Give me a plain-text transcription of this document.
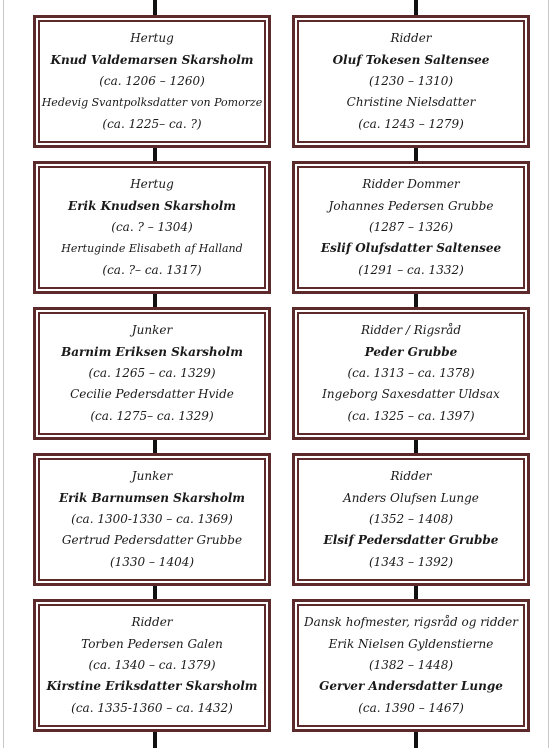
Hertug
Knud Valdemarsen Skarsholm
(ca. 1206 – 1260)
Hedevig Svantpolksdatter von Pomorze
(ca. 1225– ca. ?)
Hertug
Erik Knudsen Skarsholm
(ca. ? – 1304)
Hertuginde Elisabeth af Halland
(ca. ?– ca. 1317)
Junker
Barnim Eriksen Skarsholm
(ca. 1265 – ca. 1329)
Cecilie Pedersdatter Hvide
(ca. 1275– ca. 1329)
Junker
Erik Barnumsen Skarsholm
(ca. 1300-1330 – ca. 1369)
Gertrud Pedersdatter Grubbe
(1330 – 1404)
Ridder
Torben Pedersen Galen
(ca. 1340 – ca. 1379)
Kirstine Eriksdatter Skarsholm
(ca. 1335-1360 – ca. 1432)
Ridder
Oluf Tokesen Saltensee
(1230 – 1310)
Christine Nielsdatter
(ca. 1243 – 1279)
Ridder Dommer
Johannes Pedersen Grubbe
(1287 – 1326)
Eslif Olufsdatter Saltensee
(1291 – ca. 1332)
Ridder / Rigsråd
Peder Grubbe
(ca. 1313 – ca. 1378)
Ingeborg Saxesdatter Uldsax
(ca. 1325 – ca. 1397)
Ridder
Anders Olufsen Lunge
(1352 – 1408)
Elsif Pedersdatter Grubbe
(1343 – 1392)
Dansk hofmester, rigsråd og ridder
Erik Nielsen Gyldenstierne
(1382 – 1448)
Gerver Andersdatter Lunge
(ca. 1390 – 1467)
